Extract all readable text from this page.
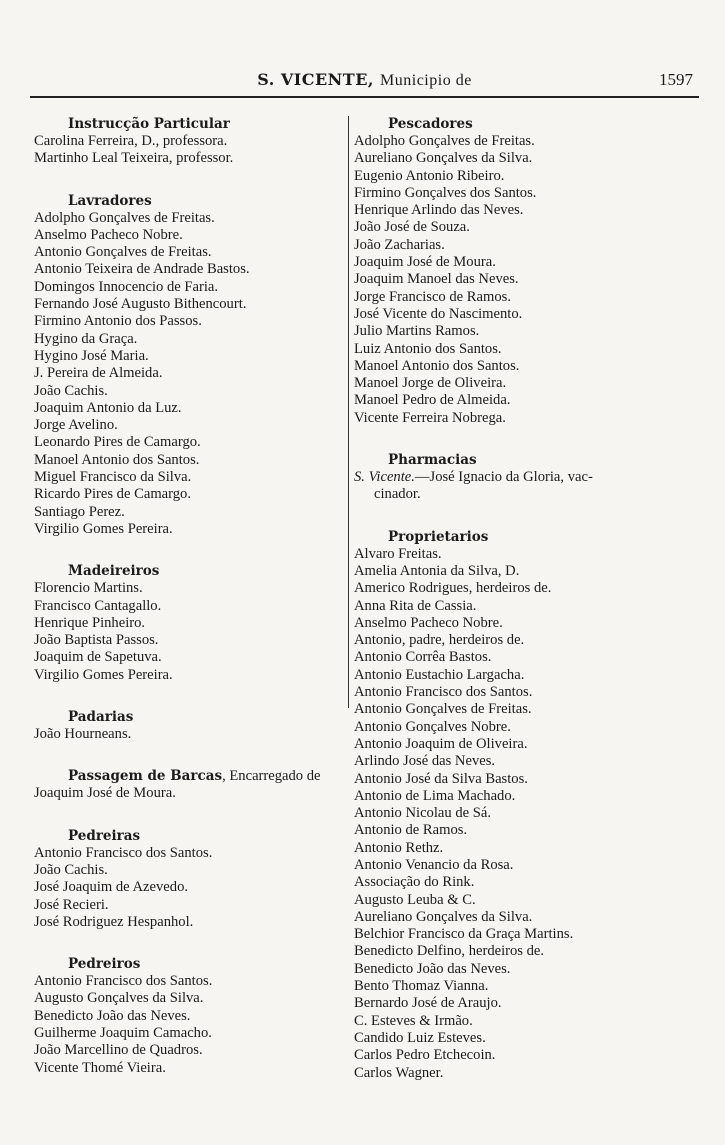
S. VICENTE, Municipio de	1597
Instrucção Particular
Carolina Ferreira, D., professora.
Martinho Leal Teixeira, professor.
Lavradores
Adolpho Gonçalves de Freitas.
Anselmo Pacheco Nobre.
Antonio Gonçalves de Freitas.
Antonio Teixeira de Andrade Bastos.
Domingos Innocencio de Faria.
Fernando José Augusto Bithencourt.
Firmino Antonio dos Passos.
Hygino da Graça.
Hygino José Maria.
J. Pereira de Almeida.
João Cachis.
Joaquim Antonio da Luz.
Jorge Avelino.
Leonardo Pires de Camargo.
Manoel Antonio dos Santos.
Miguel Francisco da Silva.
Ricardo Pires de Camargo.
Santiago Perez.
Virgilio Gomes Pereira.
Madeireiros
Florencio Martins.
Francisco Cantagallo.
Henrique Pinheiro.
João Baptista Passos.
Joaquim de Sapetuva.
Virgilio Gomes Pereira.
Padarias
João Hourneans.
Passagem de Barcas, Encarregado de
Joaquim José de Moura.
Pedreiras
Antonio Francisco dos Santos.
João Cachis.
José Joaquim de Azevedo.
José Recieri.
José Rodriguez Hespanhol.
Pedreiros
Antonio Francisco dos Santos.
Augusto Gonçalves da Silva.
Benedicto João das Neves.
Guilherme Joaquim Camacho.
João Marcellino de Quadros.
Vicente Thomé Vieira.
Pescadores
Adolpho Gonçalves de Freitas.
Aureliano Gonçalves da Silva.
Eugenio Antonio Ribeiro.
Firmino Gonçalves dos Santos.
Henrique Arlindo das Neves.
João José de Souza.
João Zacharias.
Joaquim José de Moura.
Joaquim Manoel das Neves.
Jorge Francisco de Ramos.
José Vicente do Nascimento.
Julio Martins Ramos.
Luiz Antonio dos Santos.
Manoel Antonio dos Santos.
Manoel Jorge de Oliveira.
Manoel Pedro de Almeida.
Vicente Ferreira Nobrega.
Pharmacias
S. Vicente.—José Ignacio da Gloria, vac-
cinador.
Proprietarios
Alvaro Freitas.
Amelia Antonia da Silva, D.
Americo Rodrigues, herdeiros de.
Anna Rita de Cassia.
Anselmo Pacheco Nobre.
Antonio, padre, herdeiros de.
Antonio Corrêa Bastos.
Antonio Eustachio Largacha.
Antonio Francisco dos Santos.
Antonio Gonçalves de Freitas.
Antonio Gonçalves Nobre.
Antonio Joaquim de Oliveira.
Arlindo José das Neves.
Antonio José da Silva Bastos.
Antonio de Lima Machado.
Antonio Nicolau de Sá.
Antonio de Ramos.
Antonio Rethz.
Antonio Venancio da Rosa.
Associação do Rink.
Augusto Leuba & C.
Aureliano Gonçalves da Silva.
Belchior Francisco da Graça Martins.
Benedicto Delfino, herdeiros de.
Benedicto João das Neves.
Bento Thomaz Vianna.
Bernardo José de Araujo.
C. Esteves & Irmão.
Candido Luiz Esteves.
Carlos Pedro Etchecoin.
Carlos Wagner.
